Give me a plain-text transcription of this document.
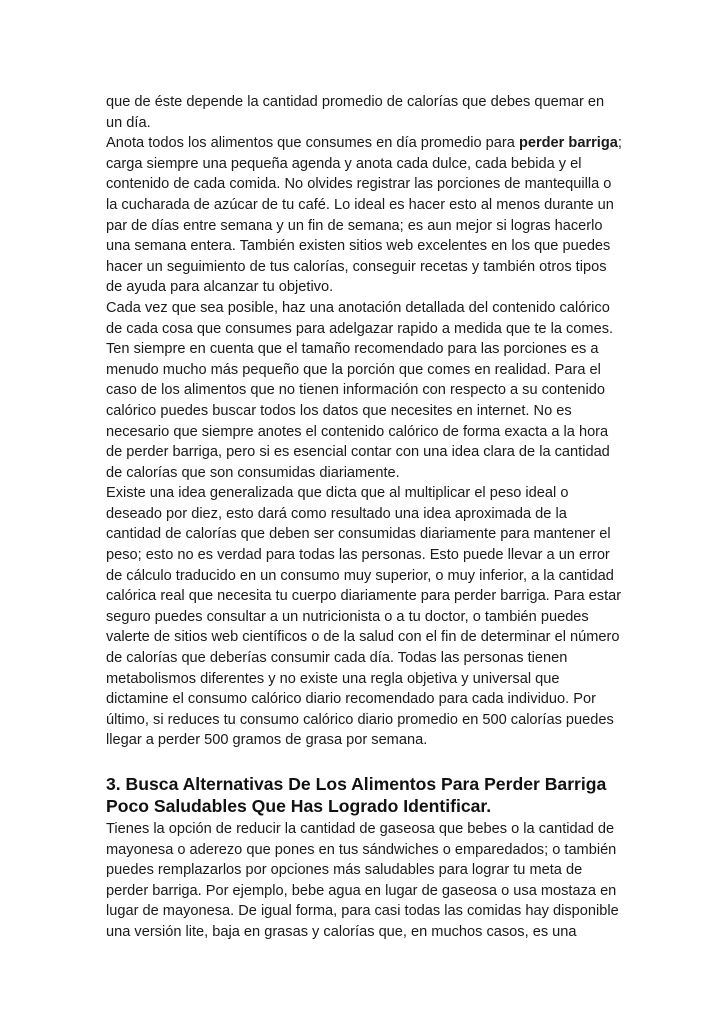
que de éste depende la cantidad promedio de calorías que debes quemar en
un día.

Anota todos los alimentos que consumes en día promedio para perder barriga;
carga siempre una pequeña agenda y anota cada dulce, cada bebida y el
contenido de cada comida. No olvides registrar las porciones de mantequilla o
la cucharada de azúcar de tu café. Lo ideal es hacer esto al menos durante un
par de días entre semana y un fin de semana; es aun mejor si logras hacerlo
una semana entera. También existen sitios web excelentes en los que puedes
hacer un seguimiento de tus calorías, conseguir recetas y también otros tipos
de ayuda para alcanzar tu objetivo.

Cada vez que sea posible, haz una anotación detallada del contenido calórico
de cada cosa que consumes para adelgazar rapido a medida que te la comes.
Ten siempre en cuenta que el tamaño recomendado para las porciones es a
menudo mucho más pequeño que la porción que comes en realidad. Para el
caso de los alimentos que no tienen información con respecto a su contenido
calórico puedes buscar todos los datos que necesites en internet. No es
necesario que siempre anotes el contenido calórico de forma exacta a la hora
de perder barriga, pero si es esencial contar con una idea clara de la cantidad
de calorías que son consumidas diariamente.

Existe una idea generalizada que dicta que al multiplicar el peso ideal o
deseado por diez, esto dará como resultado una idea aproximada de la
cantidad de calorías que deben ser consumidas diariamente para mantener el
peso; esto no es verdad para todas las personas. Esto puede llevar a un error
de cálculo traducido en un consumo muy superior, o muy inferior, a la cantidad
calórica real que necesita tu cuerpo diariamente para perder barriga. Para estar
seguro puedes consultar a un nutricionista o a tu doctor, o también puedes
valerte de sitios web científicos o de la salud con el fin de determinar el número
de calorías que deberías consumir cada día. Todas las personas tienen
metabolismos diferentes y no existe una regla objetiva y universal que
dictamine el consumo calórico diario recomendado para cada individuo. Por
último, si reduces tu consumo calórico diario promedio en 500 calorías puedes
llegar a perder 500 gramos de grasa por semana.

3. Busca Alternativas De Los Alimentos Para Perder Barriga

Poco Saludables Que Has Logrado Identificar.

Tienes la opción de reducir la cantidad de gaseosa que bebes o la cantidad de
mayonesa o aderezo que pones en tus sándwiches o emparedados; o también
puedes remplazarlos por opciones más saludables para lograr tu meta de
perder barriga. Por ejemplo, bebe agua en lugar de gaseosa o usa mostaza en
lugar de mayonesa. De igual forma, para casi todas las comidas hay disponible
una versión lite, baja en grasas y calorías que, en muchos casos, es una
